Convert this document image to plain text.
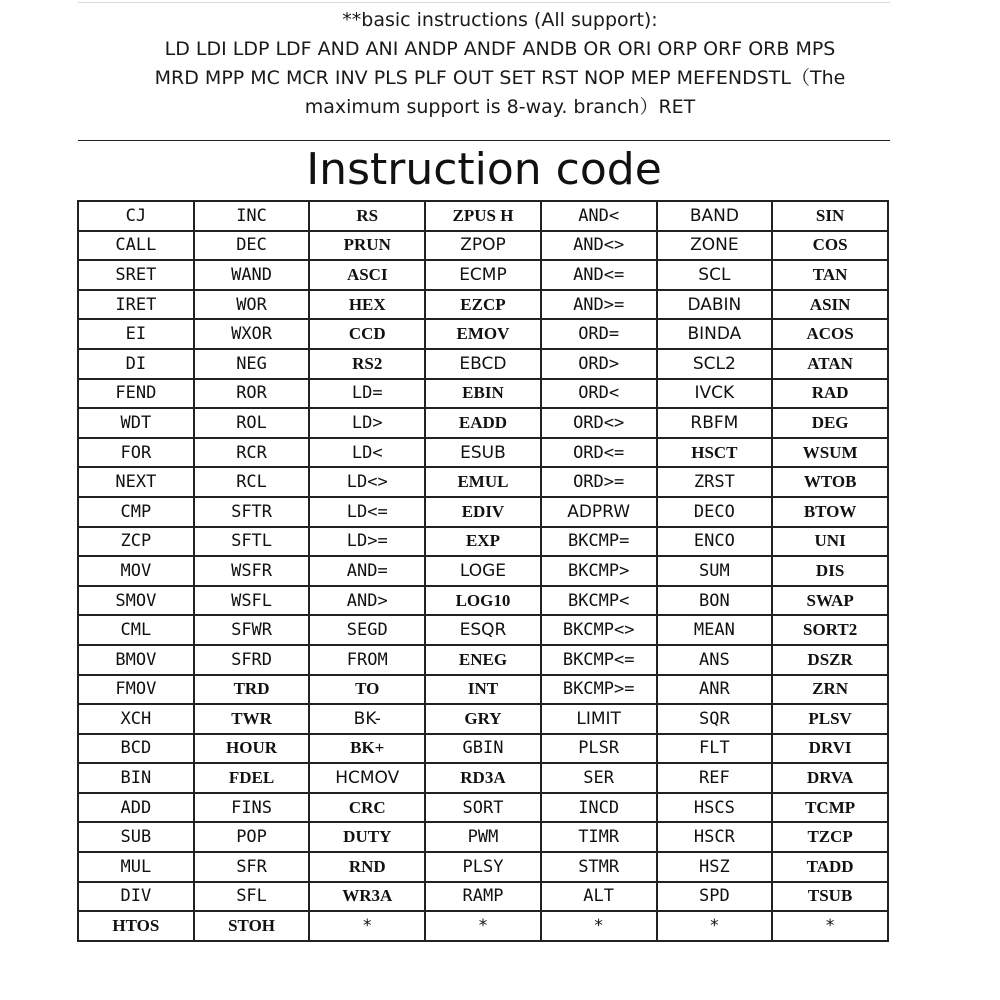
**basic instructions (All support):
LD LDI LDP LDF AND ANI ANDP ANDF ANDB OR ORI ORP ORF ORB MPS
MRD MPP MC MCR INV PLS PLF OUT SET RST NOP MEP MEFENDSTL（The
maximum support is 8-way. branch）RET
Instruction code
CJ	INC	RS	ZPUS H	AND<	BAND	SIN
CALL	DEC	PRUN	ZPOP	AND<>	ZONE	COS
SRET	WAND	ASCI	ECMP	AND<=	SCL	TAN
IRET	WOR	HEX	EZCP	AND>=	DABIN	ASIN
EI	WXOR	CCD	EMOV	ORD=	BINDA	ACOS
DI	NEG	RS2	EBCD	ORD>	SCL2	ATAN
FEND	ROR	LD=	EBIN	ORD<	IVCK	RAD
WDT	ROL	LD>	EADD	ORD<>	RBFM	DEG
FOR	RCR	LD<	ESUB	ORD<=	HSCT	WSUM
NEXT	RCL	LD<>	EMUL	ORD>=	ZRST	WTOB
CMP	SFTR	LD<=	EDIV	ADPRW	DECO	BTOW
ZCP	SFTL	LD>=	EXP	BKCMP=	ENCO	UNI
MOV	WSFR	AND=	LOGE	BKCMP>	SUM	DIS
SMOV	WSFL	AND>	LOG10	BKCMP<	BON	SWAP
CML	SFWR	SEGD	ESQR	BKCMP<>	MEAN	SORT2
BMOV	SFRD	FROM	ENEG	BKCMP<=	ANS	DSZR
FMOV	TRD	TO	INT	BKCMP>=	ANR	ZRN
XCH	TWR	BK-	GRY	LIMIT	SQR	PLSV
BCD	HOUR	BK+	GBIN	PLSR	FLT	DRVI
BIN	FDEL	HCMOV	RD3A	SER	REF	DRVA
ADD	FINS	CRC	SORT	INCD	HSCS	TCMP
SUB	POP	DUTY	PWM	TIMR	HSCR	TZCP
MUL	SFR	RND	PLSY	STMR	HSZ	TADD
DIV	SFL	WR3A	RAMP	ALT	SPD	TSUB
HTOS	STOH	*	*	*	*	*
